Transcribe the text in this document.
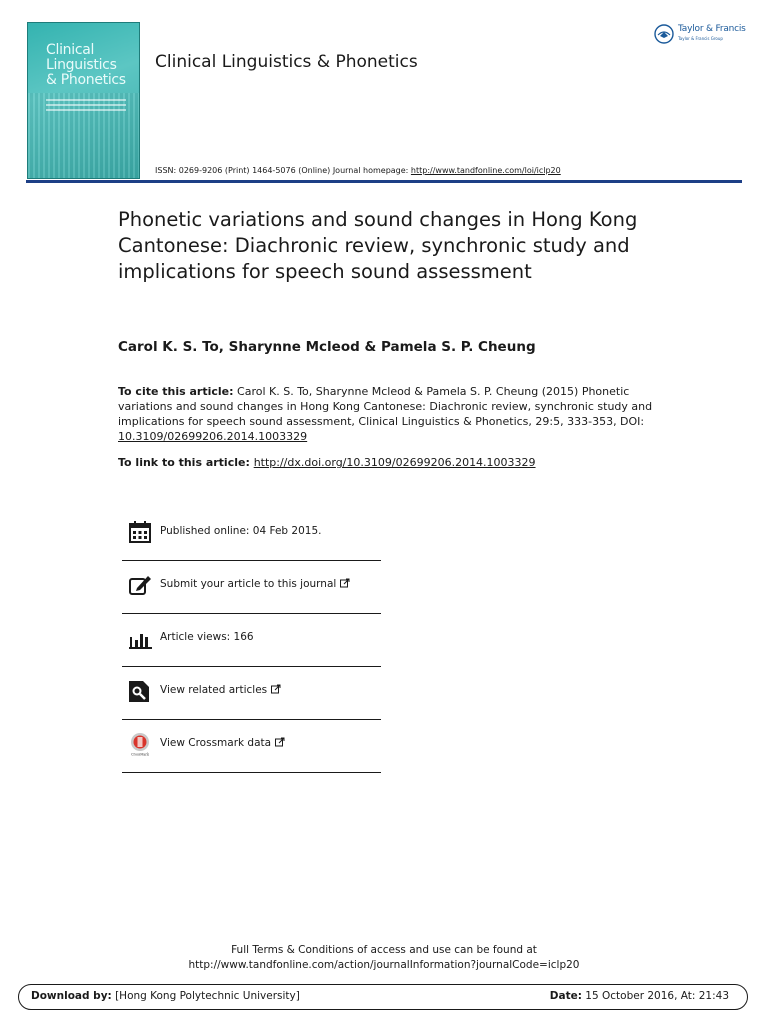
Clinical
Linguistics
& Phonetics
Clinical Linguistics & Phonetics
Taylor & Francis
Taylor & Francis Group
ISSN: 0269-9206 (Print) 1464-5076 (Online) Journal homepage: http://www.tandfonline.com/loi/iclp20
Phonetic variations and sound changes in Hong Kong Cantonese: Diachronic review, synchronic study and implications for speech sound assessment
Carol K. S. To, Sharynne Mcleod & Pamela S. P. Cheung
To cite this article: Carol K. S. To, Sharynne Mcleod & Pamela S. P. Cheung (2015) Phonetic variations and sound changes in Hong Kong Cantonese: Diachronic review, synchronic study and implications for speech sound assessment, Clinical Linguistics & Phonetics, 29:5, 333-353, DOI: 10.3109/02699206.2014.1003329
To link to this article: http://dx.doi.org/10.3109/02699206.2014.1003329
Published online: 04 Feb 2015.
Submit your article to this journal
Article views: 166
View related articles
CrossMark
View Crossmark data
Full Terms & Conditions of access and use can be found at
http://www.tandfonline.com/action/journalInformation?journalCode=iclp20
Download by: [Hong Kong Polytechnic University]	Date: 15 October 2016, At: 21:43
